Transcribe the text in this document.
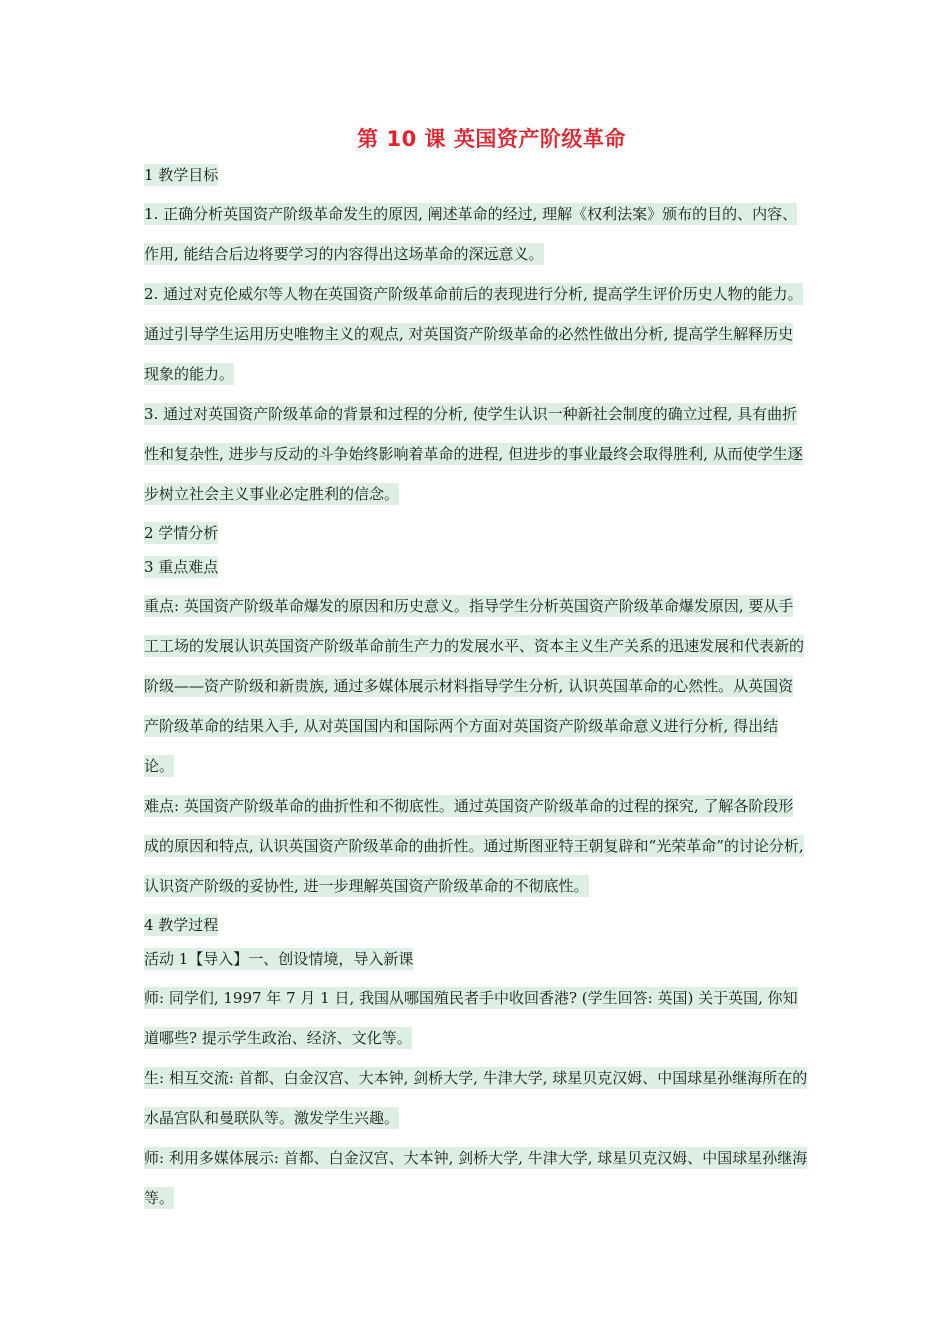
第 10 课 英国资产阶级革命
1 教学目标
1. 正确分析英国资产阶级革命发生的原因, 阐述革命的经过, 理解《权利法案》颁布的目的、内容、作用, 能结合后边将要学习的内容得出这场革命的深远意义。
2. 通过对克伦威尔等人物在英国资产阶级革命前后的表现进行分析, 提高学生评价历史人物的能力。通过引导学生运用历史唯物主义的观点, 对英国资产阶级革命的必然性做出分析, 提高学生解释历史现象的能力。
3. 通过对英国资产阶级革命的背景和过程的分析, 使学生认识一种新社会制度的确立过程, 具有曲折性和复杂性, 进步与反动的斗争始终影响着革命的进程, 但进步的事业最终会取得胜利, 从而使学生逐步树立社会主义事业必定胜利的信念。
2 学情分析
3 重点难点
重点: 英国资产阶级革命爆发的原因和历史意义。指导学生分析英国资产阶级革命爆发原因, 要从手工工场的发展认识英国资产阶级革命前生产力的发展水平、资本主义生产关系的迅速发展和代表新的阶级——资产阶级和新贵族, 通过多媒体展示材料指导学生分析, 认识英国革命的心然性。从英国资产阶级革命的结果入手, 从对英国国内和国际两个方面对英国资产阶级革命意义进行分析, 得出结论。
难点: 英国资产阶级革命的曲折性和不彻底性。通过英国资产阶级革命的过程的探究, 了解各阶段形成的原因和特点, 认识英国资产阶级革命的曲折性。通过斯图亚特王朝复辟和“光荣革命”的讨论分析, 认识资产阶级的妥协性, 进一步理解英国资产阶级革命的不彻底性。
4 教学过程
活动 1【导入】一、创设情境，导入新课
师: 同学们, 1997 年 7 月 1 日, 我国从哪国殖民者手中收回香港? (学生回答: 英国) 关于英国, 你知道哪些? 提示学生政治、经济、文化等。
生: 相互交流: 首都、白金汉宫、大本钟, 剑桥大学, 牛津大学, 球星贝克汉姆、中国球星孙继海所在的水晶宫队和曼联队等。激发学生兴趣。
师: 利用多媒体展示: 首都、白金汉宫、大本钟, 剑桥大学, 牛津大学, 球星贝克汉姆、中国球星孙继海等。
